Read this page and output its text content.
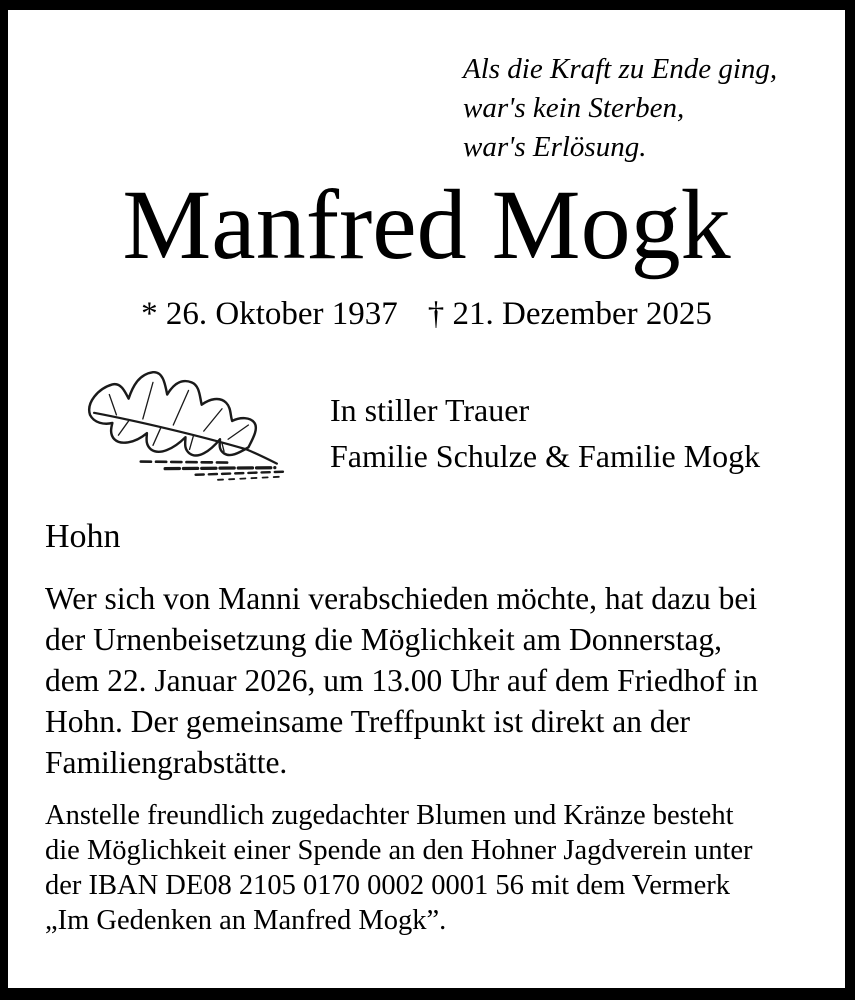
Als die Kraft zu Ende ging,
war's kein Sterben,
war's Erlösung.
Manfred Mogk
* 26. Oktober 1937 † 21. Dezember 2025
In stiller Trauer
Familie Schulze & Familie Mogk
Hohn
Wer sich von Manni verabschieden möchte, hat dazu bei
der Urnenbeisetzung die Möglichkeit am Donnerstag,
dem 22. Januar 2026, um 13.00 Uhr auf dem Friedhof in
Hohn. Der gemeinsame Treffpunkt ist direkt an der
Familiengrabstätte.
Anstelle freundlich zugedachter Blumen und Kränze besteht
die Möglichkeit einer Spende an den Hohner Jagdverein unter
der IBAN DE08 2105 0170 0002 0001 56 mit dem Vermerk
„Im Gedenken an Manfred Mogk”.
